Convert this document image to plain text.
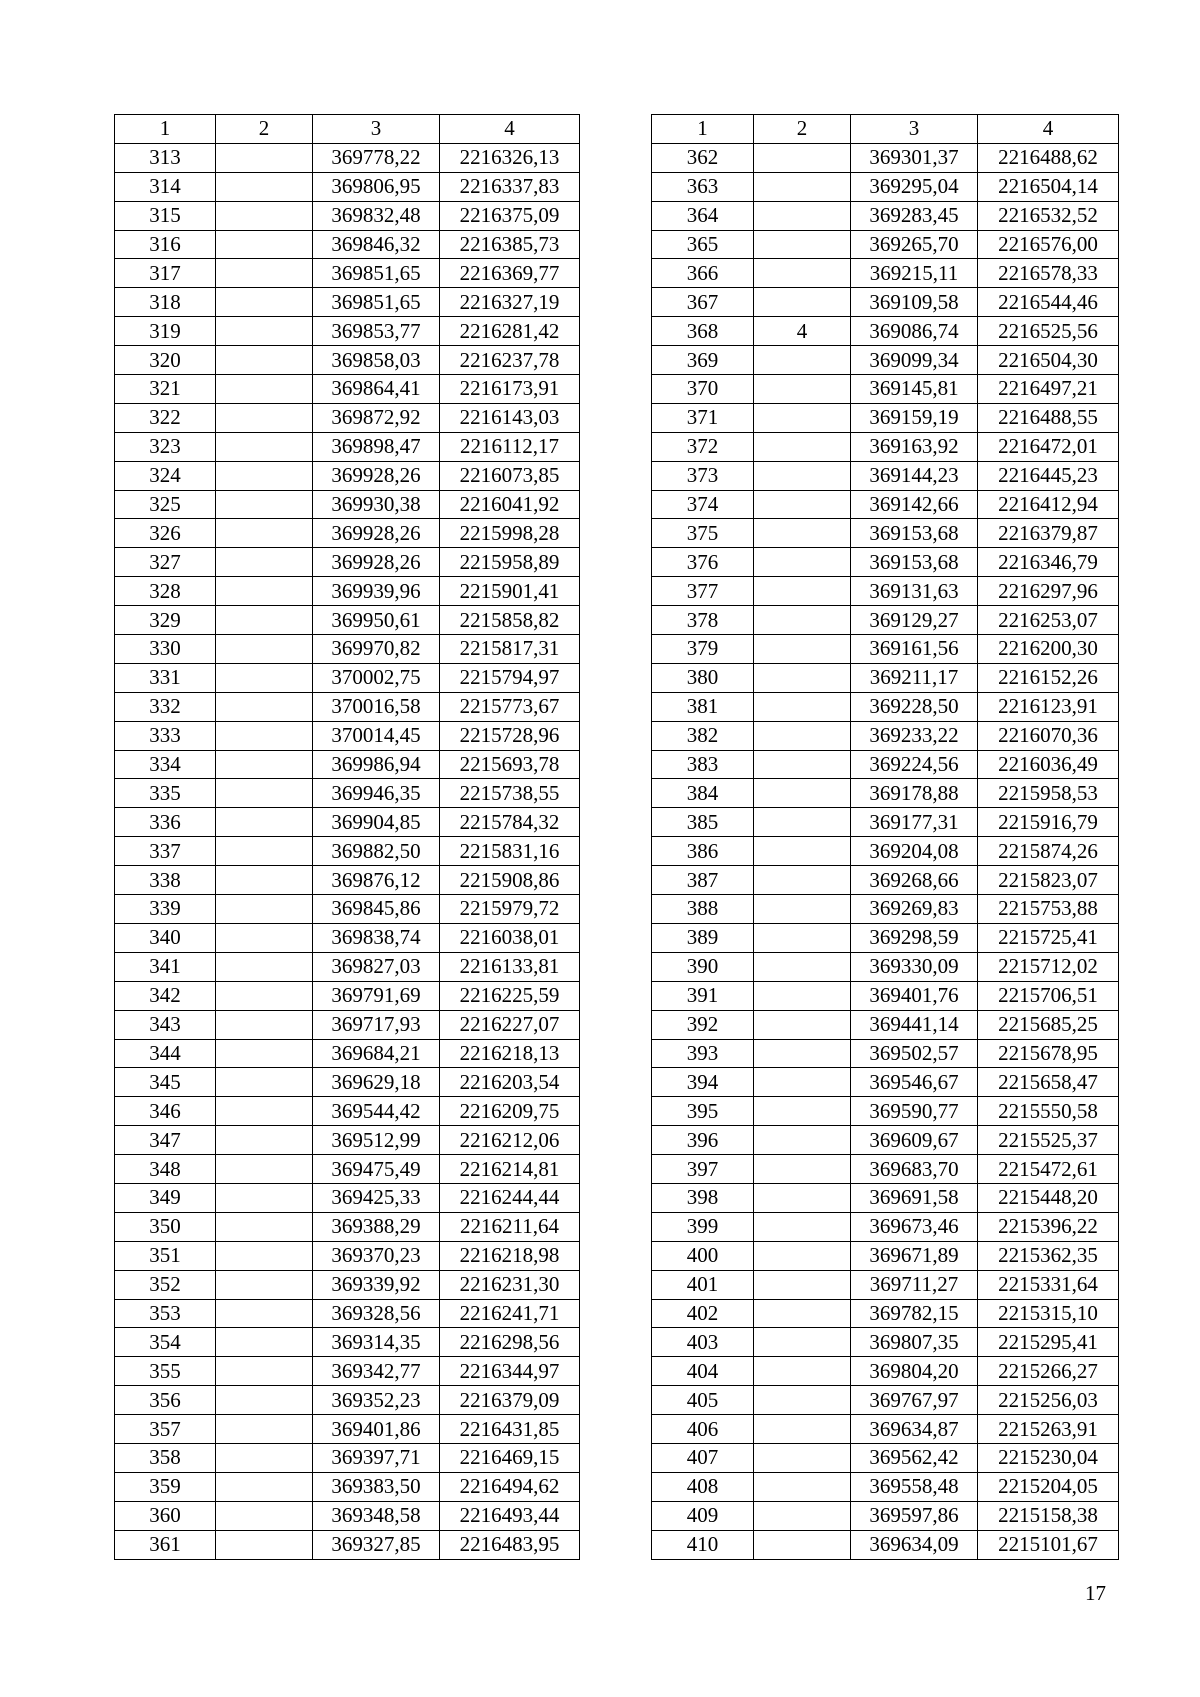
1	2	3	4
313		369778,22	2216326,13
314		369806,95	2216337,83
315		369832,48	2216375,09
316		369846,32	2216385,73
317		369851,65	2216369,77
318		369851,65	2216327,19
319		369853,77	2216281,42
320		369858,03	2216237,78
321		369864,41	2216173,91
322		369872,92	2216143,03
323		369898,47	2216112,17
324		369928,26	2216073,85
325		369930,38	2216041,92
326		369928,26	2215998,28
327		369928,26	2215958,89
328		369939,96	2215901,41
329		369950,61	2215858,82
330		369970,82	2215817,31
331		370002,75	2215794,97
332		370016,58	2215773,67
333		370014,45	2215728,96
334		369986,94	2215693,78
335		369946,35	2215738,55
336		369904,85	2215784,32
337		369882,50	2215831,16
338		369876,12	2215908,86
339		369845,86	2215979,72
340		369838,74	2216038,01
341		369827,03	2216133,81
342		369791,69	2216225,59
343		369717,93	2216227,07
344		369684,21	2216218,13
345		369629,18	2216203,54
346		369544,42	2216209,75
347		369512,99	2216212,06
348		369475,49	2216214,81
349		369425,33	2216244,44
350		369388,29	2216211,64
351		369370,23	2216218,98
352		369339,92	2216231,30
353		369328,56	2216241,71
354		369314,35	2216298,56
355		369342,77	2216344,97
356		369352,23	2216379,09
357		369401,86	2216431,85
358		369397,71	2216469,15
359		369383,50	2216494,62
360		369348,58	2216493,44
361		369327,85	2216483,95
1	2	3	4
362		369301,37	2216488,62
363		369295,04	2216504,14
364		369283,45	2216532,52
365		369265,70	2216576,00
366		369215,11	2216578,33
367		369109,58	2216544,46
368	4	369086,74	2216525,56
369		369099,34	2216504,30
370		369145,81	2216497,21
371		369159,19	2216488,55
372		369163,92	2216472,01
373		369144,23	2216445,23
374		369142,66	2216412,94
375		369153,68	2216379,87
376		369153,68	2216346,79
377		369131,63	2216297,96
378		369129,27	2216253,07
379		369161,56	2216200,30
380		369211,17	2216152,26
381		369228,50	2216123,91
382		369233,22	2216070,36
383		369224,56	2216036,49
384		369178,88	2215958,53
385		369177,31	2215916,79
386		369204,08	2215874,26
387		369268,66	2215823,07
388		369269,83	2215753,88
389		369298,59	2215725,41
390		369330,09	2215712,02
391		369401,76	2215706,51
392		369441,14	2215685,25
393		369502,57	2215678,95
394		369546,67	2215658,47
395		369590,77	2215550,58
396		369609,67	2215525,37
397		369683,70	2215472,61
398		369691,58	2215448,20
399		369673,46	2215396,22
400		369671,89	2215362,35
401		369711,27	2215331,64
402		369782,15	2215315,10
403		369807,35	2215295,41
404		369804,20	2215266,27
405		369767,97	2215256,03
406		369634,87	2215263,91
407		369562,42	2215230,04
408		369558,48	2215204,05
409		369597,86	2215158,38
410		369634,09	2215101,67
17
